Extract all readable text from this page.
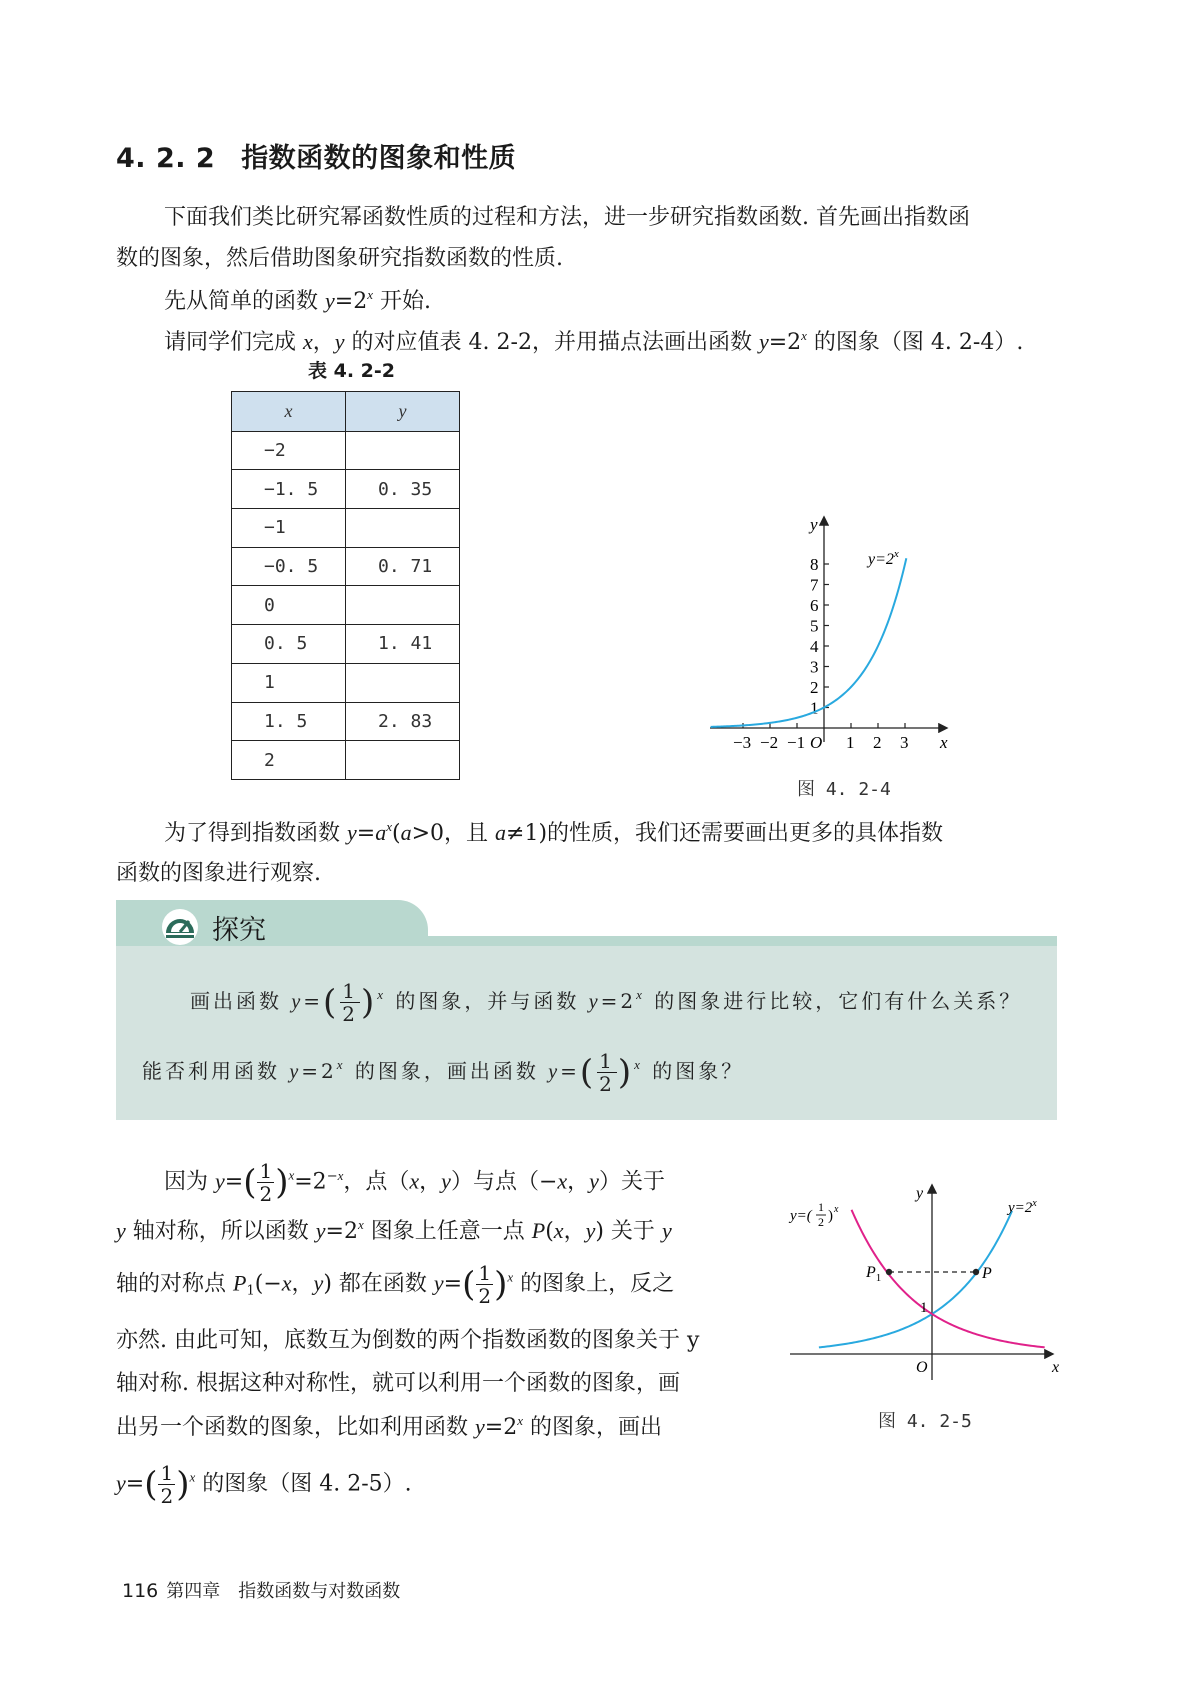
4. 2. 2 指数函数的图象和性质
下面我们类比研究幂函数性质的过程和方法，进一步研究指数函数. 首先画出指数函
数的图象，然后借助图象研究指数函数的性质.
先从简单的函数 $y=2^x$ 开始.
请同学们完成 x，y 的对应值表 4. 2-2，并用描点法画出函数 $y=2^x$ 的图象（图 4. 2-4）.
表 4. 2-2
x	y
−2	
−1. 5	0. 35
−1	
−0. 5	0. 71
0	
0. 5	1. 41
1	
1. 5	2. 83
2	
−3 −2 −1 1 2 3
1
2
3
4
5
6
7
8
y
x
O
$y=2^x$
图 4. 2-4
为了得到指数函数 $y=a^x(a>0$，且 a≠1)的性质，我们还需要画出更多的具体指数
函数的图象进行观察.
探究
画出函数 $y=( \frac{1}{2} )^x$ 的图象，并与函数 $y=2^x$ 的图象进行比较，它们有什么关系？
能否利用函数 $y=2^x$ 的图象，画出函数 $y=( \frac{1}{2} )^x$ 的图象？
因为 $y=( \frac{1}{2} )^x=2^{-x}$，点（x，y）与点（−x，y）关于
y 轴对称，所以函数 $y=2^x$ 图象上任意一点 P(x，y) 关于 y
轴的对称点 $P_1(-x$，y) 都在函数 $y=( \frac{1}{2} )^x$ 的图象上，反之
亦然. 由此可知，底数互为倒数的两个指数函数的图象关于 y
轴对称. 根据这种对称性，就可以利用一个函数的图象，画
出另一个函数的图象，比如利用函数 $y=2^x$ 的图象，画出
$y=( \frac{1}{2} )^x$ 的图象（图 4. 2-5）.
$P_1$	P
1
O	x
y
$y=2^x$
y=(
1
2 ) x
图 4. 2-5
116 第四章　指数函数与对数函数
